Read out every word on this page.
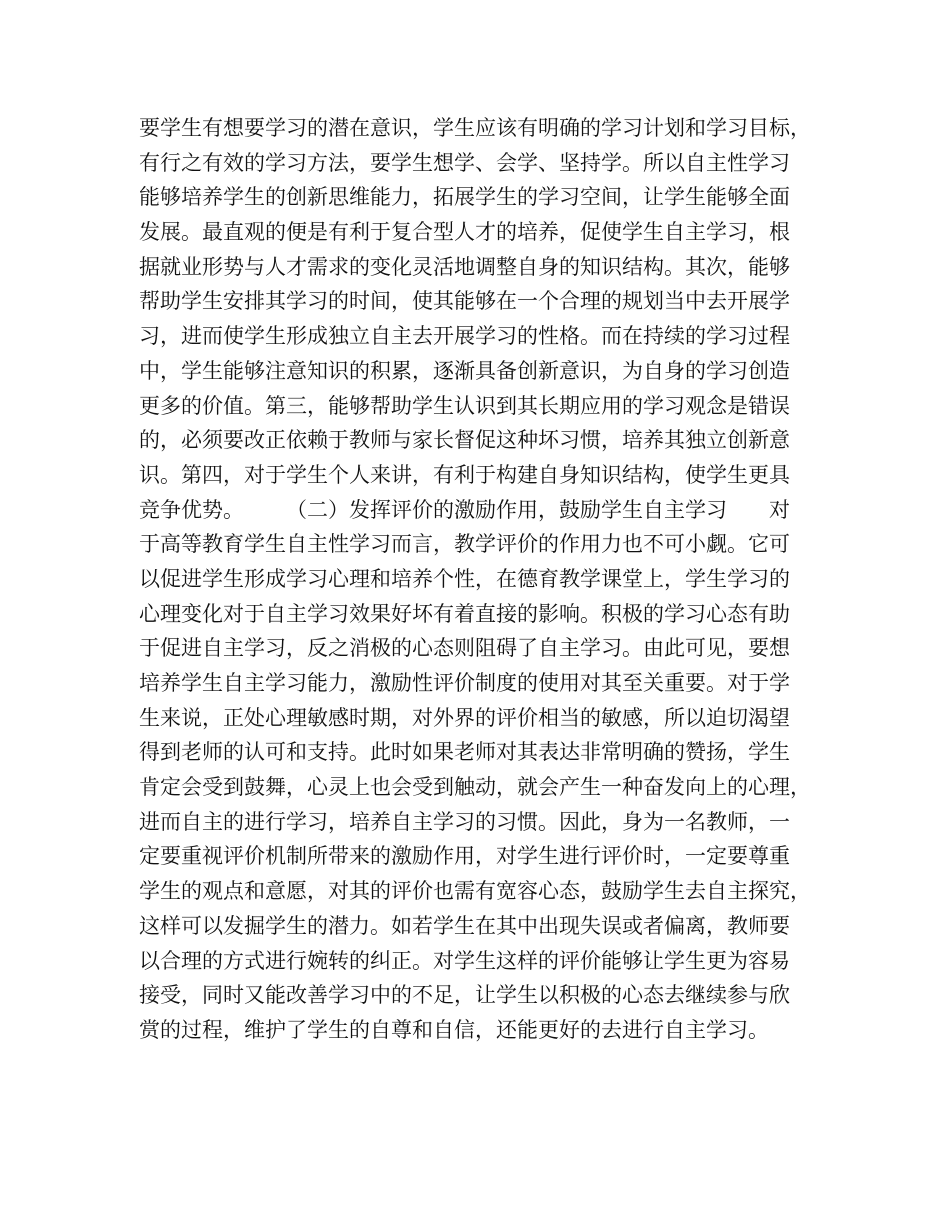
要学生有想要学习的潜在意识，学生应该有明确的学习计划和学习目标，
有行之有效的学习方法，要学生想学、会学、坚持学。所以自主性学习
能够培养学生的创新思维能力，拓展学生的学习空间，让学生能够全面
发展。最直观的便是有利于复合型人才的培养，促使学生自主学习，根
据就业形势与人才需求的变化灵活地调整自身的知识结构。其次，能够
帮助学生安排其学习的时间，使其能够在一个合理的规划当中去开展学
习，进而使学生形成独立自主去开展学习的性格。而在持续的学习过程
中，学生能够注意知识的积累，逐渐具备创新意识，为自身的学习创造
更多的价值。第三，能够帮助学生认识到其长期应用的学习观念是错误
的，必须要改正依赖于教师与家长督促这种坏习惯，培养其独立创新意
识。第四，对于学生个人来讲，有利于构建自身知识结构，使学生更具
竞争优势。　　　（二）发挥评价的激励作用，鼓励学生自主学习　　对
于高等教育学生自主性学习而言，教学评价的作用力也不可小觑。它可
以促进学生形成学习心理和培养个性，在德育教学课堂上，学生学习的
心理变化对于自主学习效果好坏有着直接的影响。积极的学习心态有助
于促进自主学习，反之消极的心态则阻碍了自主学习。由此可见，要想
培养学生自主学习能力，激励性评价制度的使用对其至关重要。对于学
生来说，正处心理敏感时期，对外界的评价相当的敏感，所以迫切渴望
得到老师的认可和支持。此时如果老师对其表达非常明确的赞扬，学生
肯定会受到鼓舞，心灵上也会受到触动，就会产生一种奋发向上的心理，
进而自主的进行学习，培养自主学习的习惯。因此，身为一名教师，一
定要重视评价机制所带来的激励作用，对学生进行评价时，一定要尊重
学生的观点和意愿，对其的评价也需有宽容心态，鼓励学生去自主探究，
这样可以发掘学生的潜力。如若学生在其中出现失误或者偏离，教师要
以合理的方式进行婉转的纠正。对学生这样的评价能够让学生更为容易
接受，同时又能改善学习中的不足，让学生以积极的心态去继续参与欣
赏的过程，维护了学生的自尊和自信，还能更好的去进行自主学习。
